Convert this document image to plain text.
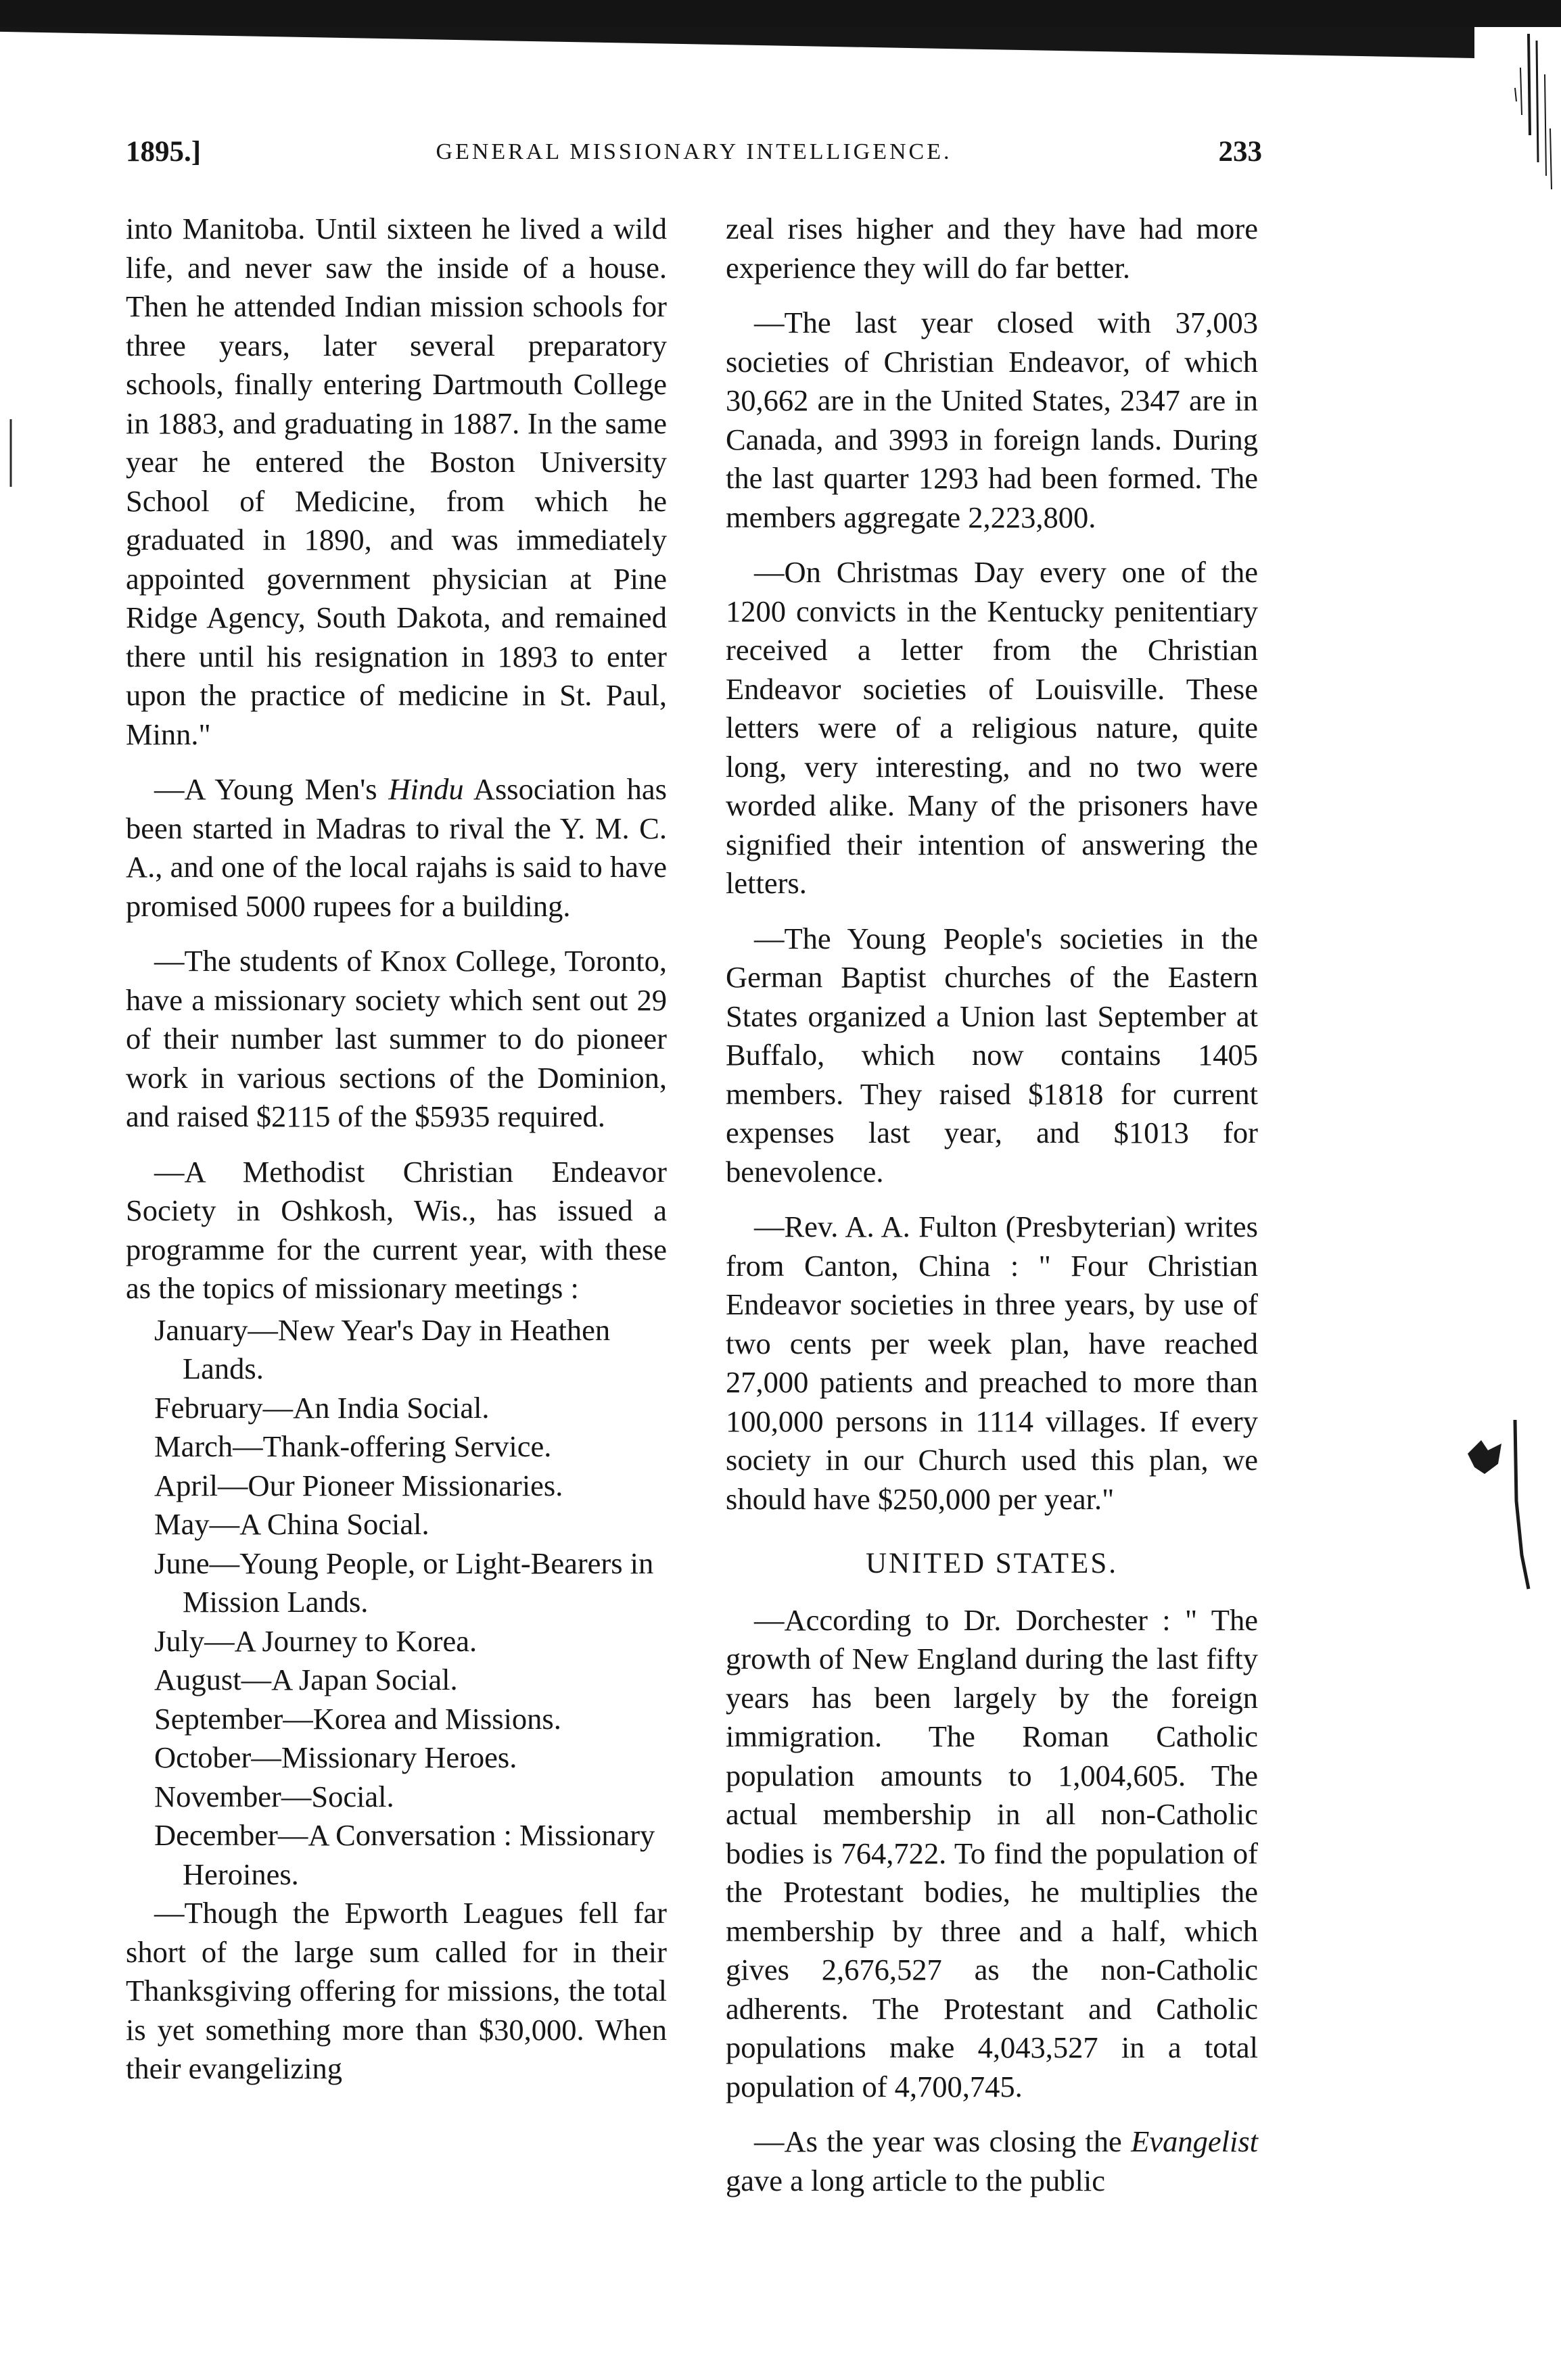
1895.]	GENERAL MISSIONARY INTELLIGENCE.	233

into Manitoba. Until sixteen he lived a wild life, and never saw the inside of a house. Then he attended Indian mission schools for three years, later several preparatory schools, finally entering Dartmouth College in 1883, and graduating in 1887. In the same year he entered the Boston University School of Medicine, from which he graduated in 1890, and was immediately appointed government physician at Pine Ridge Agency, South Dakota, and remained there until his resignation in 1893 to enter upon the practice of medicine in St. Paul, Minn."

—A Young Men's Hindu Association has been started in Madras to rival the Y. M. C. A., and one of the local rajahs is said to have promised 5000 rupees for a building.

—The students of Knox College, Toronto, have a missionary society which sent out 29 of their number last summer to do pioneer work in various sections of the Dominion, and raised $2115 of the $5935 required.

—A Methodist Christian Endeavor Society in Oshkosh, Wis., has issued a programme for the current year, with these as the topics of missionary meetings :

January—New Year's Day in Heathen Lands.
February—An India Social.
March—Thank-offering Service.
April—Our Pioneer Missionaries.
May—A China Social.
June—Young People, or Light-Bearers in Mission Lands.
July—A Journey to Korea.
August—A Japan Social.
September—Korea and Missions.
October—Missionary Heroes.
November—Social.
December—A Conversation : Missionary Heroines.

—Though the Epworth Leagues fell far short of the large sum called for in their Thanksgiving offering for missions, the total is yet something more than $30,000. When their evangelizing

zeal rises higher and they have had more experience they will do far better.

—The last year closed with 37,003 societies of Christian Endeavor, of which 30,662 are in the United States, 2347 are in Canada, and 3993 in foreign lands. During the last quarter 1293 had been formed. The members aggregate 2,223,800.

—On Christmas Day every one of the 1200 convicts in the Kentucky penitentiary received a letter from the Christian Endeavor societies of Louisville. These letters were of a religious nature, quite long, very interesting, and no two were worded alike. Many of the prisoners have signified their intention of answering the letters.

—The Young People's societies in the German Baptist churches of the Eastern States organized a Union last September at Buffalo, which now contains 1405 members. They raised $1818 for current expenses last year, and $1013 for benevolence.

—Rev. A. A. Fulton (Presbyterian) writes from Canton, China : " Four Christian Endeavor societies in three years, by use of two cents per week plan, have reached 27,000 patients and preached to more than 100,000 persons in 1114 villages. If every society in our Church used this plan, we should have $250,000 per year."

UNITED STATES.

—According to Dr. Dorchester : " The growth of New England during the last fifty years has been largely by the foreign immigration. The Roman Catholic population amounts to 1,004,605. The actual membership in all non-Catholic bodies is 764,722. To find the population of the Protestant bodies, he multiplies the membership by three and a half, which gives 2,676,527 as the non-Catholic adherents. The Protestant and Catholic populations make 4,043,527 in a total population of 4,700,745.

—As the year was closing the Evangelist gave a long article to the public
